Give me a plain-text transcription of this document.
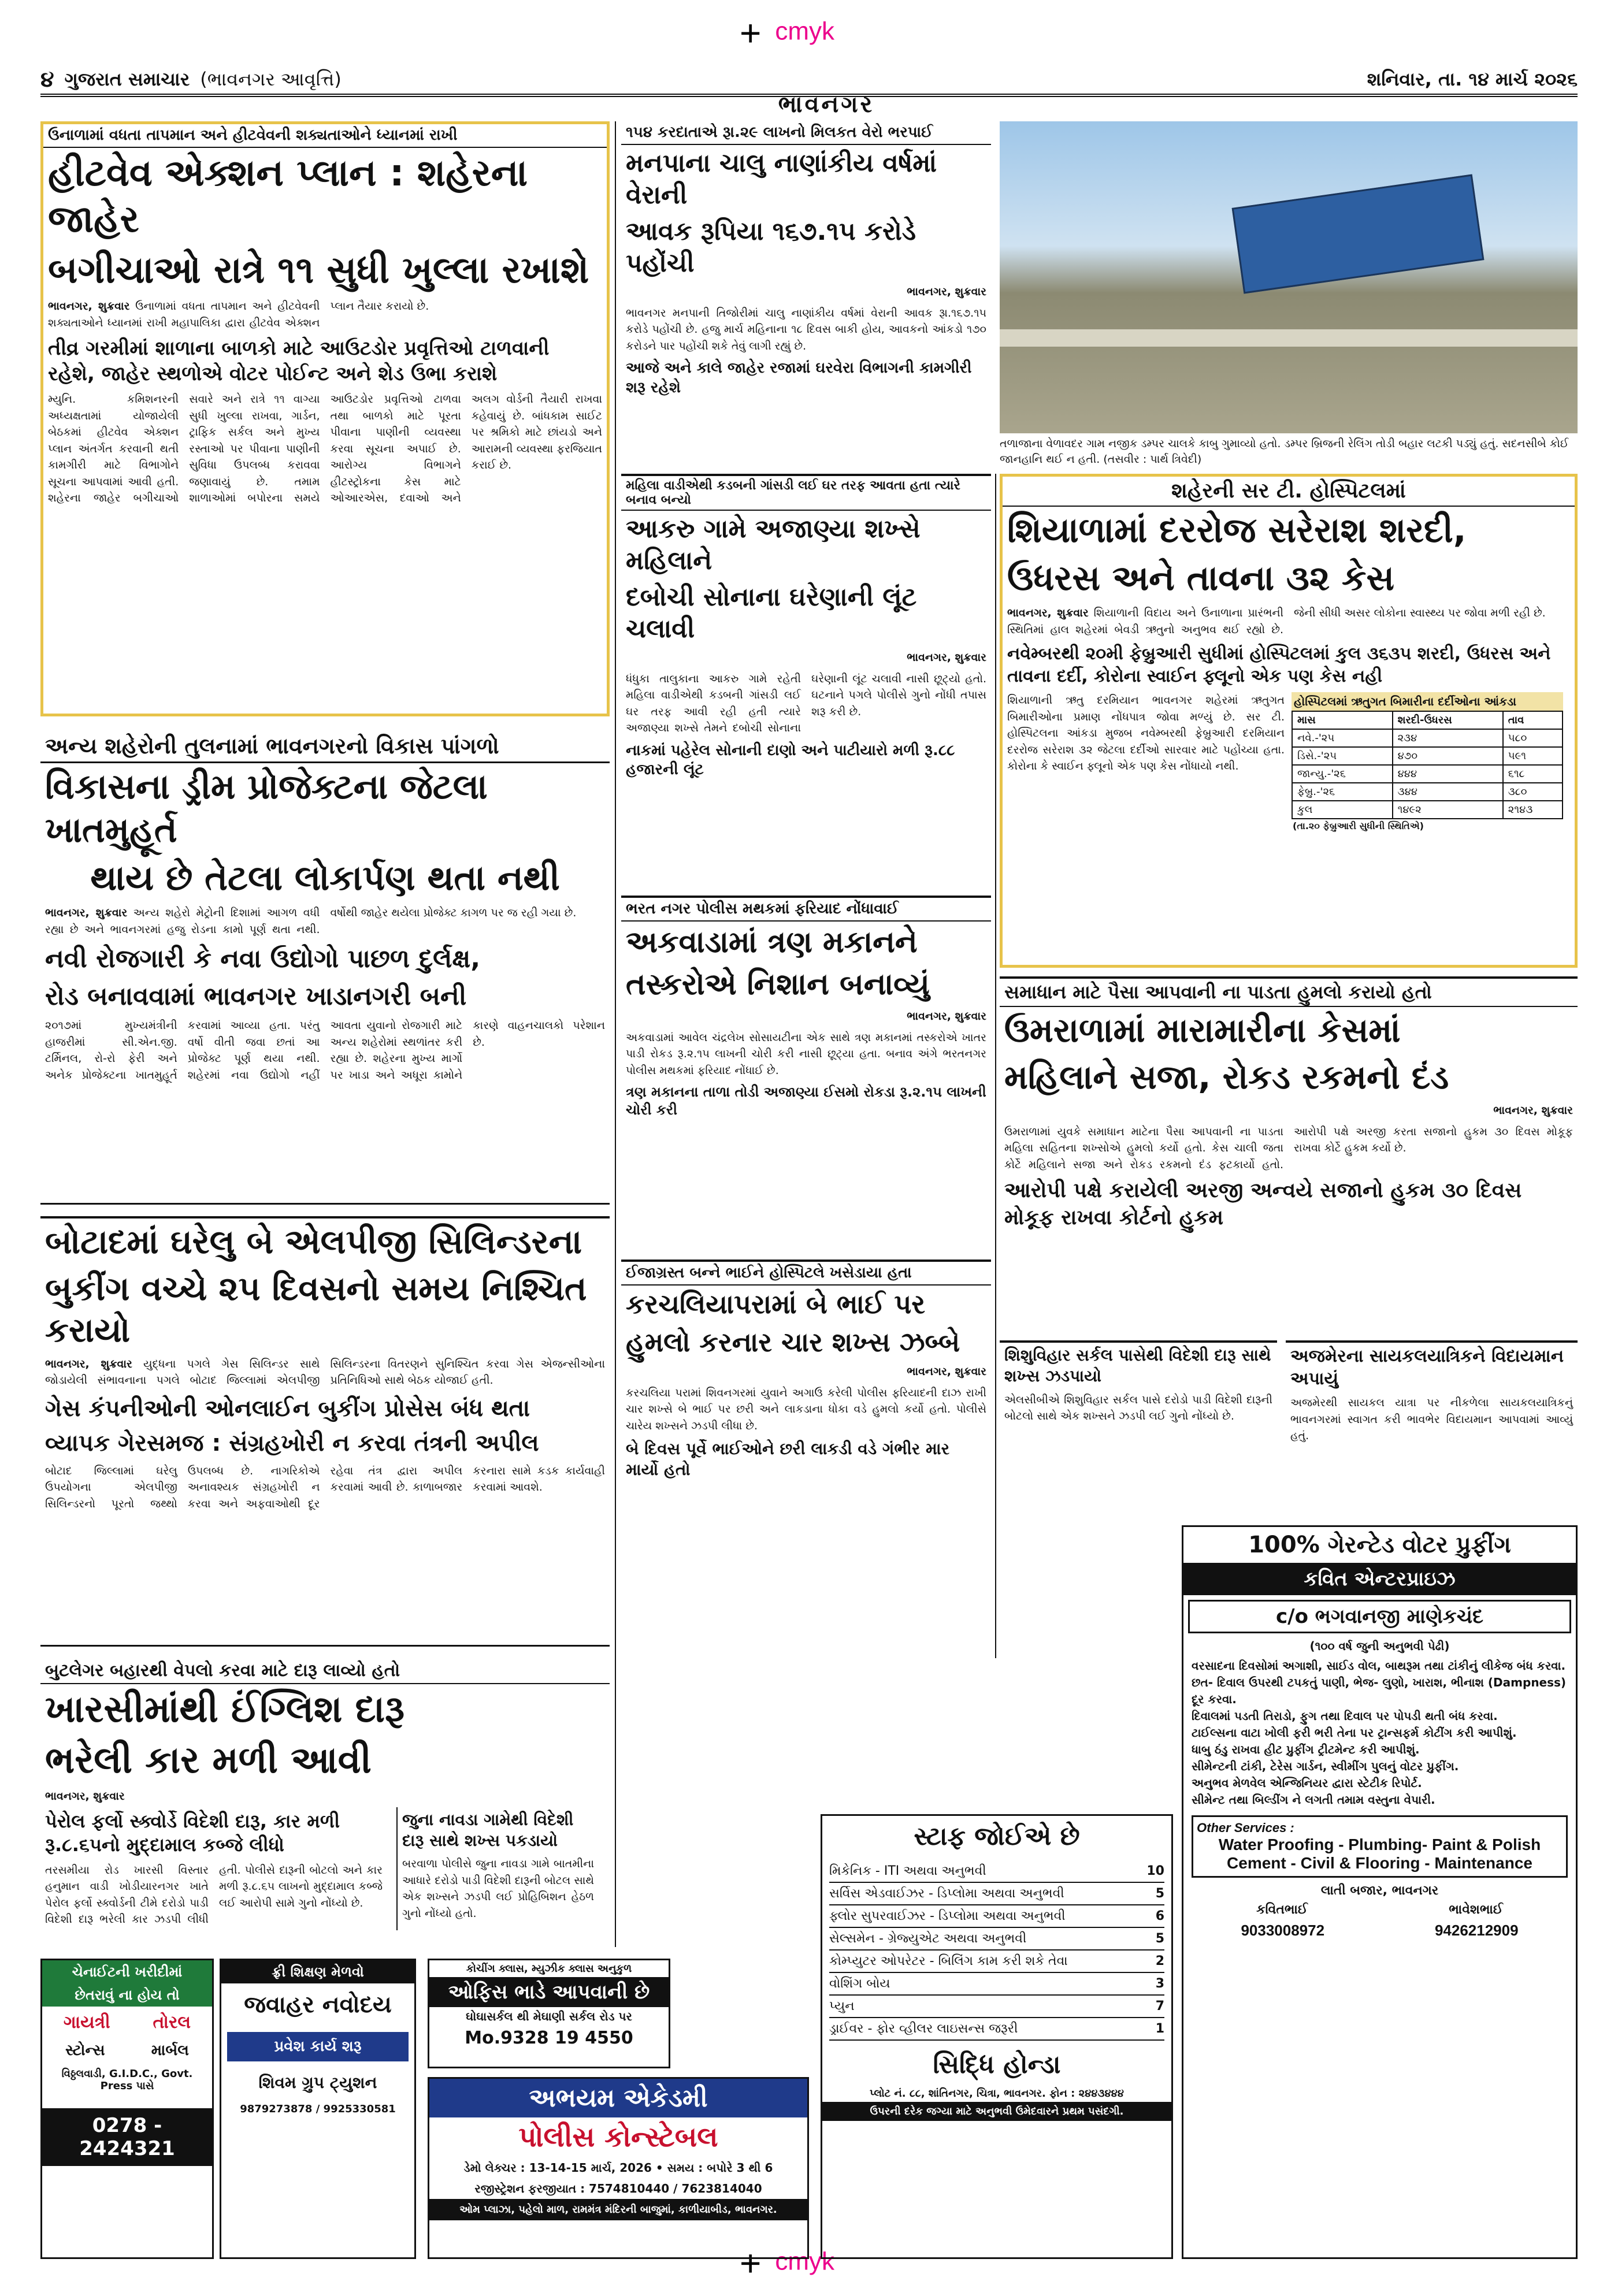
+ cmyk
+ cmyk
૪ ગુજરાત સમાચાર (ભાવનગર આવૃત્તિ)	શનિવાર, તા. ૧૪ માર્ચ ૨૦૨૬
ભાવનગર
ઉનાળામાં વધતા તાપમાન અને હીટવેવની શક્યતાઓને ધ્યાનમાં રાખી
હીટવેવ એક્શન પ્લાન : શહેરના જાહેર
બગીચાઓ રાત્રે ૧૧ સુધી ખુલ્લા રખાશે
ભાવનગર, શુક્રવાર ઉનાળામાં વધતા તાપમાન અને હીટવેવની શક્યતાઓને ધ્યાનમાં રાખી મહાપાલિકા દ્વારા હીટવેવ એક્શન પ્લાન તૈયાર કરાયો છે.
તીવ્ર ગરમીમાં શાળાના બાળકો માટે આઉટડોર પ્રવૃત્તિઓ ટાળવાની રહેશે, જાહેર સ્થળોએ વોટર પોઈન્ટ અને શેડ ઉભા કરાશે
મ્યુનિ. કમિશનરની અધ્યક્ષતામાં યોજાયેલી બેઠકમાં હીટવેવ એક્શન પ્લાન અંતર્ગત કરવાની થતી કામગીરી માટે વિભાગોને સૂચના આપવામાં આવી હતી. શહેરના જાહેર બગીચાઓ સવારે અને રાત્રે ૧૧ વાગ્યા સુધી ખુલ્લા રાખવા, ગાર્ડન, ટ્રાફિક સર્કલ અને મુખ્ય રસ્તાઓ પર પીવાના પાણીની સુવિધા ઉપલબ્ધ કરાવવા જણાવાયું છે. તમામ શાળાઓમાં બપોરના સમયે આઉટડોર પ્રવૃત્તિઓ ટાળવા તથા બાળકો માટે પૂરતા પીવાના પાણીની વ્યવસ્થા કરવા સૂચના અપાઈ છે. આરોગ્ય વિભાગને હીટસ્ટ્રોકના કેસ માટે ઓઆરએસ, દવાઓ અને અલગ વોર્ડની તૈયારી રાખવા કહેવાયું છે. બાંધકામ સાઈટ પર શ્રમિકો માટે છાંયડો અને આરામની વ્યવસ્થા ફરજિયાત કરાઈ છે.
અન્ય શહેરોની તુલનામાં ભાવનગરનો વિકાસ પાંગળો
વિકાસના ડ્રીમ પ્રોજેક્ટના જેટલા ખાતમુહૂર્ત
થાય છે તેટલા લોકાર્પણ થતા નથી
ભાવનગર, શુક્રવાર અન્ય શહેરો મેટ્રોની દિશામાં આગળ વધી રહ્યા છે અને ભાવનગરમાં હજુ રોડના કામો પૂર્ણ થતા નથી. વર્ષોથી જાહેર થયેલા પ્રોજેક્ટ કાગળ પર જ રહી ગયા છે.
નવી રોજગારી કે નવા ઉદ્યોગો પાછળ દુર્લક્ષ,
રોડ બનાવવામાં ભાવનગર ખાડાનગરી બની
૨૦૧૭માં મુખ્યમંત્રીની હાજરીમાં સી.એન.જી. ટર્મિનલ, રો-રો ફેરી અને અનેક પ્રોજેક્ટના ખાતમુહૂર્ત કરવામાં આવ્યા હતા. પરંતુ વર્ષો વીતી જવા છતાં આ પ્રોજેક્ટ પૂર્ણ થયા નથી. શહેરમાં નવા ઉદ્યોગો નહીં આવતા યુવાનો રોજગારી માટે અન્ય શહેરોમાં સ્થળાંતર કરી રહ્યા છે. શહેરના મુખ્ય માર્ગો પર ખાડા અને અધૂરા કામોને કારણે વાહનચાલકો પરેશાન છે.
બોટાદમાં ઘરેલુ બે એલપીજી સિલિન્ડરના
બુકીંગ વચ્ચે ૨૫ દિવસનો સમય નિશ્ચિત કરાયો
ભાવનગર, શુક્રવાર યુદ્ધના પગલે ગેસ સિલિન્ડર સાથે જોડાયેલી સંભાવનાના પગલે બોટાદ જિલ્લામાં એલપીજી સિલિન્ડરના વિતરણને સુનિશ્ચિત કરવા ગેસ એજન્સીઓના પ્રતિનિધિઓ સાથે બેઠક યોજાઈ હતી.
ગેસ કંપનીઓની ઓનલાઈન બુકીંગ પ્રોસેસ બંધ થતા
વ્યાપક ગેરસમજ : સંગ્રહખોરી ન કરવા તંત્રની અપીલ
બોટાદ જિલ્લામાં ઘરેલુ ઉપયોગના એલપીજી સિલિન્ડરનો પૂરતો જથ્થો ઉપલબ્ધ છે. નાગરિકોએ અનાવશ્યક સંગ્રહખોરી ન કરવા અને અફવાઓથી દૂર રહેવા તંત્ર દ્વારા અપીલ કરવામાં આવી છે. કાળાબજાર કરનારા સામે કડક કાર્યવાહી કરવામાં આવશે.
બુટલેગર બહારથી વેપલો કરવા માટે દારૂ લાવ્યો હતો
ખારસીમાંથી ઈંગ્લિશ દારૂ
ભરેલી કાર મળી આવી
ભાવનગર, શુક્રવાર
પેરોલ ફર્લો સ્ક્વોર્ડે વિદેશી દારૂ, કાર મળી રૂ.૮.૬૫નો મુદ્દામાલ કબ્જે લીધો
તરસમીયા રોડ ખારસી વિસ્તાર હનુમાન વાડી ખોડીયારનગર ખાતે પેરોલ ફર્લો સ્ક્વોર્ડની ટીમે દરોડો પાડી વિદેશી દારૂ ભરેલી કાર ઝડપી લીધી હતી. પોલીસે દારૂની બોટલો અને કાર મળી રૂ.૮.૬૫ લાખનો મુદ્દામાલ કબ્જે લઈ આરોપી સામે ગુનો નોંધ્યો છે.
જુના નાવડા ગામેથી વિદેશી દારૂ સાથે શખ્સ પકડાયો
બરવાળા પોલીસે જુના નાવડા ગામે બાતમીના આધારે દરોડો પાડી વિદેશી દારૂની બોટલ સાથે એક શખ્સને ઝડપી લઈ પ્રોહિબિશન હેઠળ ગુનો નોંધ્યો હતો.
૧૫૪ કરદાતાએ રૂા.૨૯ લાખનો મિલકત વેરો ભરપાઈ
મનપાના ચાલુ નાણાંકીય વર્ષમાં વેરાની
આવક રૂપિયા ૧૬૭.૧૫ કરોડે પહોંચી
ભાવનગર, શુક્રવાર
ભાવનગર મનપાની તિજોરીમાં ચાલુ નાણાંકીય વર્ષમાં વેરાની આવક રૂા.૧૬૭.૧૫ કરોડે પહોંચી છે. હજુ માર્ચ મહિનાના ૧૮ દિવસ બાકી હોય, આવકનો આંકડો ૧૭૦ કરોડને પાર પહોંચી શકે તેવું લાગી રહ્યું છે.
આજે અને કાલે જાહેર રજામાં ઘરવેરા વિભાગની કામગીરી શરૂ રહેશે
તળાજાના વેળાવદર ગામ નજીક ડમ્પર ચાલકે કાબુ ગુમાવ્યો હતો. ડમ્પર બ્રિજની રેલિંગ તોડી બહાર લટકી પડ્યું હતું. સદનસીબે કોઈ જાનહાનિ થઈ ન હતી. (તસવીર : પાર્થ ત્રિવેદી)
મહિલા વાડીએથી કડબની ગાંસડી લઈ ઘર તરફ આવતા હતા ત્યારે બનાવ બન્યો
આકરુ ગામે અજાણ્યા શખ્સે મહિલાને
દબોચી સોનાના ઘરેણાની લૂંટ ચલાવી
ભાવનગર, શુક્રવાર
ધંધુકા તાલુકાના આકરુ ગામે રહેતી મહિલા વાડીએથી કડબની ગાંસડી લઈ ઘર તરફ આવી રહી હતી ત્યારે અજાણ્યા શખ્સે તેમને દબોચી સોનાના ઘરેણાની લૂંટ ચલાવી નાસી છૂટ્યો હતો. ઘટનાને પગલે પોલીસે ગુનો નોંધી તપાસ શરૂ કરી છે.
નાકમાં પહેરેલ સોનાની દાણો અને પાટીયારો મળી રૂ.૮૮ હજારની લૂંટ
ભરત નગર પોલીસ મથકમાં ફરિયાદ નોંધાવાઈ
અકવાડામાં ત્રણ મકાનને
તસ્કરોએ નિશાન બનાવ્યું
ભાવનગર, શુક્રવાર
અકવાડામાં આવેલ ચંદ્રલેખ સોસાયટીના એક સાથે ત્રણ મકાનમાં તસ્કરોએ ખાતર પાડી રોકડ રૂ.૨.૧૫ લાખની ચોરી કરી નાસી છૂટ્યા હતા. બનાવ અંગે ભરતનગર પોલીસ મથકમાં ફરિયાદ નોંધાઈ છે.
ત્રણ મકાનના તાળા તોડી અજાણ્યા ઈસમો રોકડા રૂ.૨.૧૫ લાખની ચોરી કરી
ઈજાગ્રસ્ત બન્ને ભાઈને હોસ્પિટલે ખસેડાયા હતા
કરચલિયાપરામાં બે ભાઈ પર
હુમલો કરનાર ચાર શખ્સ ઝબ્બે
ભાવનગર, શુક્રવાર
કરચલિયા પરામાં શિવનગરમાં યુવાને અગાઉ કરેલી પોલીસ ફરિયાદની દાઝ રાખી ચાર શખ્સે બે ભાઈ પર છરી અને લાકડાના ધોકા વડે હુમલો કર્યો હતો. પોલીસે ચારેય શખ્સને ઝડપી લીધા છે.
બે દિવસ પૂર્વે ભાઈઓને છરી લાકડી વડે ગંભીર માર માર્યો હતો
શહેરની સર ટી. હોસ્પિટલમાં
શિયાળામાં દરરોજ સરેરાશ શરદી,
ઉધરસ અને તાવના ૩૨ કેસ
ભાવનગર, શુક્રવાર શિયાળાની વિદાય અને ઉનાળાના પ્રારંભની સ્થિતિમાં હાલ શહેરમાં બેવડી ઋતુનો અનુભવ થઈ રહ્યો છે. જેની સીધી અસર લોકોના સ્વાસ્થ્ય પર જોવા મળી રહી છે.
નવેમ્બરથી ૨૦મી ફેબ્રુઆરી સુધીમાં હોસ્પિટલમાં કુલ ૩૬૩૫ શરદી, ઉધરસ અને તાવના દર્દી, કોરોના સ્વાઈન ફ્લૂનો એક પણ કેસ નહી
શિયાળાની ઋતુ દરમિયાન ભાવનગર શહેરમાં ઋતુગત બિમારીઓના પ્રમાણ નોંધપાત્ર જોવા મળ્યું છે. સર ટી. હોસ્પિટલના આંકડા મુજબ નવેમ્બરથી ફેબ્રુઆરી દરમિયાન દરરોજ સરેરાશ ૩૨ જેટલા દર્દીઓ સારવાર માટે પહોંચ્યા હતા. કોરોના કે સ્વાઈન ફ્લૂનો એક પણ કેસ નોંધાયો નથી.
હોસ્પિટલમાં ઋતુગત બિમારીના દર્દીઓના આંકડા
માસ	શરદી-ઉધરસ	તાવ
નવે.-'૨૫	૨૩૪	૫૮૦
ડિસે.-'૨૫	૪૭૦	૫૯૧
જાન્યુ.-'૨૬	૪૪૪	૬૧૮
ફેબ્રુ.-'૨૬	૩૪૪	૩૮૦
કુલ	૧૪૯૨	૨૧૪૩
(તા.૨૦ ફેબ્રુઆરી સુધીની સ્થિતિએ)
સમાધાન માટે પૈસા આપવાની ના પાડતા હુમલો કરાયો હતો
ઉમરાળામાં મારામારીના કેસમાં
મહિલાને સજા, રોકડ રકમનો દંડ
ભાવનગર, શુક્રવાર
ઉમરાળામાં યુવકે સમાધાન માટેના પૈસા આપવાની ના પાડતા મહિલા સહિતના શખ્સોએ હુમલો કર્યો હતો. કેસ ચાલી જતા કોર્ટે મહિલાને સજા અને રોકડ રકમનો દંડ ફટકાર્યો હતો. આરોપી પક્ષે અરજી કરતા સજાનો હુકમ ૩૦ દિવસ મોકૂફ રાખવા કોર્ટે હુકમ કર્યો છે.
આરોપી પક્ષે કરાયેલી અરજી અન્વયે સજાનો હુકમ ૩૦ દિવસ મોકૂફ રાખવા કોર્ટનો હુકમ
શિશુવિહાર સર્કલ પાસેથી વિદેશી દારૂ સાથે શખ્સ ઝડપાયો
એલસીબીએ શિશુવિહાર સર્કલ પાસે દરોડો પાડી વિદેશી દારૂની બોટલો સાથે એક શખ્સને ઝડપી લઈ ગુનો નોંધ્યો છે.
અજમેરના સાયકલયાત્રિકને વિદાયમાન અપાયું
અજમેરથી સાયકલ યાત્રા પર નીકળેલા સાયકલયાત્રિકનું ભાવનગરમાં સ્વાગત કરી ભાવભેર વિદાયમાન આપવામાં આવ્યું હતું.
ચેનાઈટની ખરીદીમાં
છેતરાવું ના હોય તો
ગાયત્રી તોરલ
સ્ટોન્સ	માર્બલ
વિઠ્ઠલવાડી, G.I.D.C., Govt. Press પાસે
0278 - 2424321
ફ્રી શિક્ષણ મેળવો
જવાહર નવોદય
પ્રવેશ કાર્ય શરૂ
શિવમ ગ્રુપ ટ્યુશન
9879273878 / 9925330581
કોચીંગ ક્લાસ, મ્યુઝીક ક્લાસ અનુકુળ
ઓફિસ ભાડે આપવાની છે
ઘોઘાસર્કલ થી મેઘાણી સર્કલ રોડ પર
Mo.9328 19 4550
અભયમ એકેડમી
પોલીસ કોન્સ્ટેબલ
ડેમો લેક્ચર : 13-14-15 માર્ચ, 2026 • સમય : બપોરે 3 થી 6
રજીસ્ટ્રેશન ફરજીયાત : 7574810440 / 7623814040
ઓમ પ્લાઝા, પહેલો માળ, રામમંત્ર મંદિરની બાજુમાં, કાળીયાબીડ, ભાવનગર.
સ્ટાફ જોઈએ છે
મિકેનિક - ITI અથવા અનુભવી	10
સર્વિસ એડવાઈઝર - ડિપ્લોમા અથવા અનુભવી	5
ફ્લોર સુપરવાઈઝર - ડિપ્લોમા અથવા અનુભવી	6
સેલ્સમેન - ગ્રેજ્યુએટ અથવા અનુભવી	5
કોમ્પ્યુટર ઓપરેટર - બિલિંગ કામ કરી શકે તેવા	2
વોશિંગ બોય	3
પ્યુન	7
ડ્રાઈવર - ફોર વ્હીલર લાઇસન્સ જરૂરી	1
સિદ્ધિ હોન્ડા
પ્લોટ નં. ૮૮, શાંતિનગર, ચિત્રા, ભાવનગર. ફોન : ૨૪૪૩૪૪૪
ઉપરની દરેક જગ્યા માટે અનુભવી ઉમેદવારને પ્રથમ પસંદગી.
100% ગેરન્ટેડ વોટર પ્રુફીંગ
કવિત એન્ટરપ્રાઇઝ
c/o ભગવાનજી માણેકચંદ
(૧૦૦ વર્ષ જુની અનુભવી પેઢી)
વરસાદના દિવસોમાં અગાશી, સાઈડ વોલ, બાથરૂમ તથા ટાંકીનું લીકેજ બંધ કરવા.
છત- દિવાલ ઉપરથી ટપકતું પાણી, ભેજ- લુણો, ખારાશ, ભીનાશ (Dampness) દૂર કરવા.
દિવાલમાં પડતી તિરાડો, ફુગ તથા દિવાલ પર પોપડી થતી બંધ કરવા.
ટાઈલ્સના વાટા ખોલી ફરી ભરી તેના પર ટ્રાન્સફર્મ કોટીંગ કરી આપીશું.
ધાબુ ઠંડુ રાખવા હીટ પ્રુફીંગ ટ્રીટમેન્ટ કરી આપીશું.
સીમેન્ટની ટાંકી, ટેરેસ ગાર્ડન, સ્વીમીંગ પુલનું વોટર પ્રુફીંગ.
અનુભવ મેળવેલ એન્જિનિયર દ્વારા સ્ટેટીક રિપોર્ટ.
સીમેન્ટ તથા બિલ્ડીંગ ને લગતી તમામ વસ્તુના વેપારી.
Other Services :
Water Proofing - Plumbing- Paint & Polish Cement - Civil & Flooring - Maintenance
લાતી બજાર, ભાવનગર
કવિતભાઈ	ભાવેશભાઈ
9033008972	9426212909
